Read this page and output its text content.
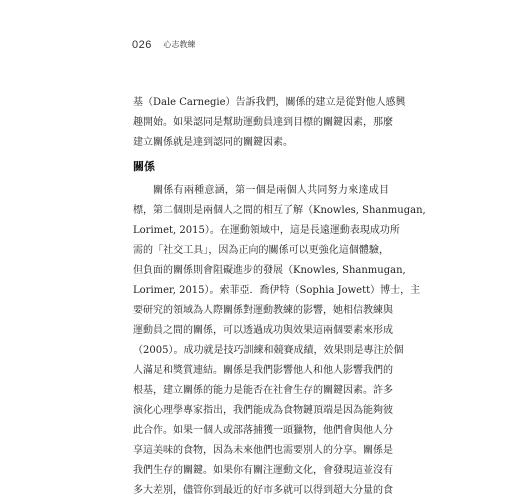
026 心志教練
基（Dale Carnegie）告訴我們，關係的建立是從對他人感興
趣開始。如果認同是幫助運動員達到目標的關鍵因素，那麼
建立關係就是達到認同的關鍵因素。
關係
關係有兩種意涵，第一個是兩個人共同努力來達成目
標，第二個則是兩個人之間的相互了解（Knowles, Shanmugan,
Lorimet, 2015）。在運動領域中，這是長遠運動表現成功所
需的「社交工具」，因為正向的關係可以更強化這個體驗，
但負面的關係則會阻礙進步的發展（Knowles, Shanmugan,
Lorimer, 2015）。索菲亞．喬伊特（Sophia Jowett）博士，主
要研究的領域為人際關係對運動教練的影響，她相信教練與
運動員之間的關係，可以透過成功與效果這兩個要素來形成
（2005）。成功就是技巧訓練和競賽成績，效果則是專注於個
人滿足和獎賞連結。關係是我們影響他人和他人影響我們的
根基，建立關係的能力是能否在社會生存的關鍵因素。許多
演化心理學專家指出，我們能成為食物鏈頂端是因為能夠彼
此合作。如果一個人或部落捕獲一頭獵物，他們會與他人分
享這美味的食物，因為未來他們也需要別人的分享。關係是
我們生存的關鍵。如果你有關注運動文化，會發現這並沒有
多大差別，儘管你到最近的好市多就可以得到超大分量的食
